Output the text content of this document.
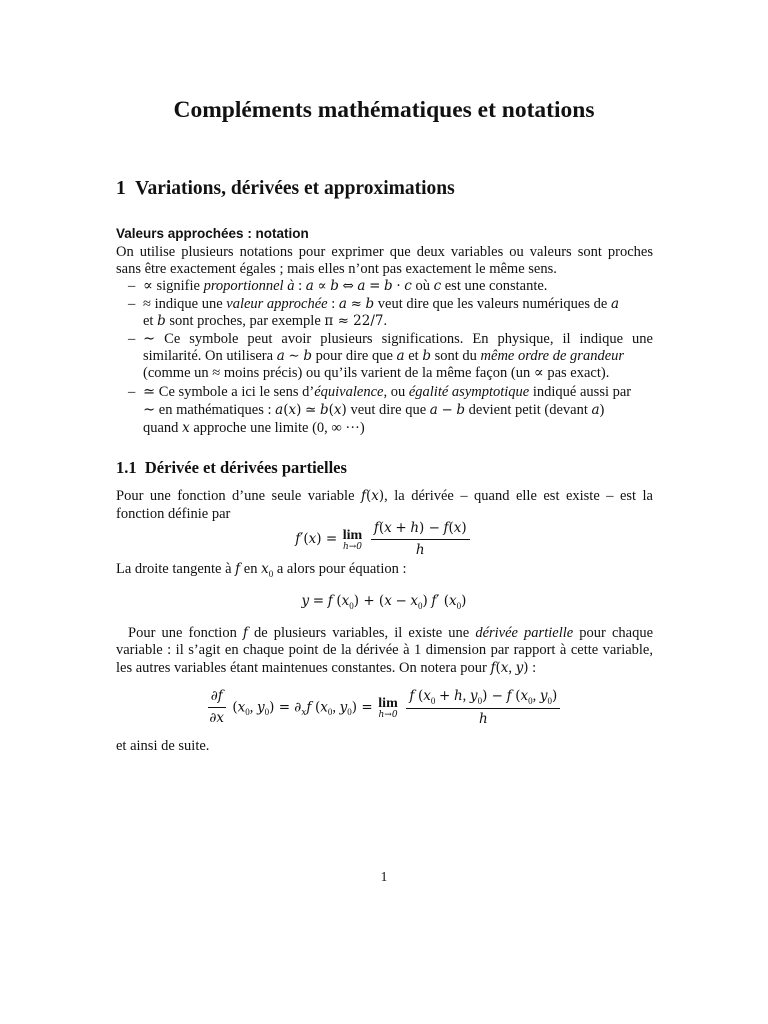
Compléments mathématiques et notations
1 Variations, dérivées et approximations
Valeurs approchées : notation
On utilise plusieurs notations pour exprimer que deux variables ou valeurs sont proches
sans être exactement égales ; mais elles n’ont pas exactement le même sens.
– ∝ signifie proportionnel à : a ∝ b ⇔ a = b · c où c est une constante.
– ≈ indique une valeur approchée : a ≈ b veut dire que les valeurs numériques de a
et b sont proches, par exemple π ≈ 22/7.
– ∼ Ce symbole peut avoir plusieurs significations. En physique, il indique une
similarité. On utilisera a ∼ b pour dire que a et b sont du même ordre de grandeur
(comme un ≈ moins précis) ou qu’ils varient de la même façon (un ∝ pas exact).
– ≃ Ce symbole a ici le sens d’équivalence, ou égalité asymptotique indiqué aussi par
∼ en mathématiques : a(x) ≃ b(x) veut dire que a − b devient petit (devant a)
quand x approche une limite (0, ∞ ···)
1.1 Dérivée et dérivées partielles
Pour une fonction d’une seule variable f(x), la dérivée – quand elle est existe – est la
fonction définie par
f′(x) = lim
h→0
$\frac{f(x + h) - f(x)}{h}$
La droite tangente à f en $x_0$ a alors pour équation :
y = f $(x_0) + (x - x_0)$ f′ $(x_0)$
Pour une fonction f de plusieurs variables, il existe une dérivée partielle pour chaque
variable : il s’agit en chaque point de la dérivée à 1 dimension par rapport à cette variable,
les autres variables étant maintenues constantes. On notera pour f(x, y) :
$\frac{\partial f}{\partial x} (x_0$, $y_0) = \partial_xf$ ($x_0$, $y_0) = \lim$
h→0
$\frac{f (x_0 + h, y_0) - f (x_0, y_0)}{h}$
et ainsi de suite.
1
